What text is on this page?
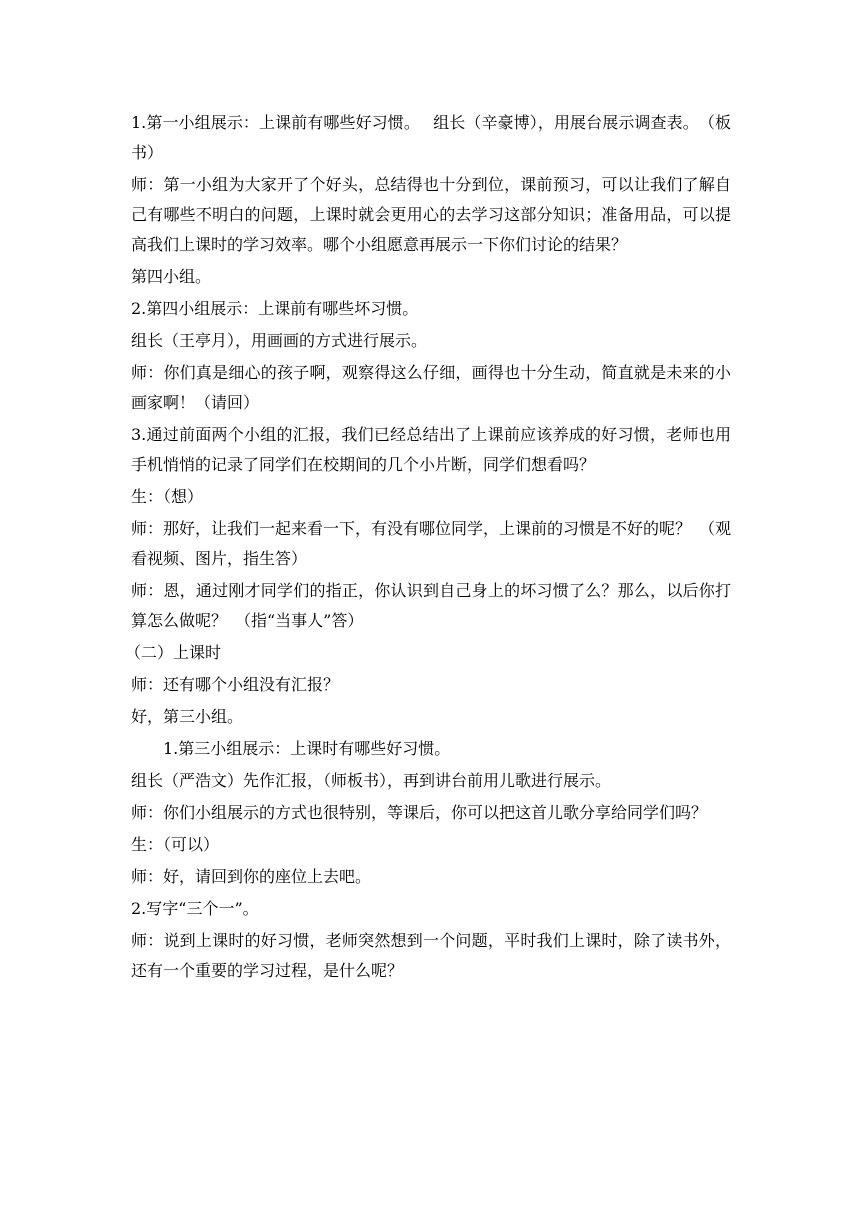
1.第一小组展示：上课前有哪些好习惯。　 组长（辛豪博），用展台展示调查表。　（板书）

师：第一小组为大家开了个好头，总结得也十分到位，课前预习，可以让我们了解自己有哪些不明白的问题，上课时就会更用心的去学习这部分知识；准备用品，可以提高我们上课时的学习效率。哪个小组愿意再展示一下你们讨论的结果？

第四小组。

2.第四小组展示：上课前有哪些坏习惯。

组长（王亭月），用画画的方式进行展示。

师：你们真是细心的孩子啊，观察得这么仔细，画得也十分生动，简直就是未来的小画家啊！（请回）

3.通过前面两个小组的汇报，我们已经总结出了上课前应该养成的好习惯，老师也用手机悄悄的记录了同学们在校期间的几个小片断，同学们想看吗？

生：（想）

师：那好，让我们一起来看一下，有没有哪位同学，上课前的习惯是不好的呢？　（观看视频、图片，指生答）

师：恩，通过刚才同学们的指正，你认识到自己身上的坏习惯了么？那么，以后你打算怎么做呢？　（指“当事人”答）

（二）上课时

师：还有哪个小组没有汇报？

好，第三小组。

1.第三小组展示：上课时有哪些好习惯。

组长（严浩文）先作汇报，（师板书），再到讲台前用儿歌进行展示。

师：你们小组展示的方式也很特别，等课后，你可以把这首儿歌分享给同学们吗？

生：（可以）

师：好，请回到你的座位上去吧。

2.写字“三个一”。

师：说到上课时的好习惯，老师突然想到一个问题，平时我们上课时，除了读书外，还有一个重要的学习过程，是什么呢？
